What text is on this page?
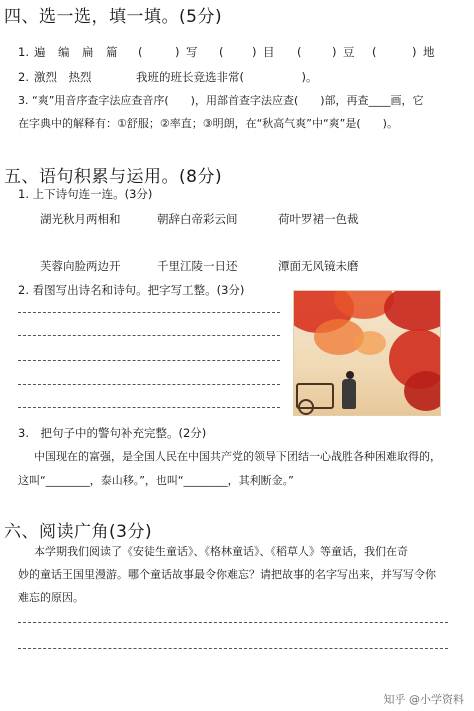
四、选一选，填一填。(5分)
1. 遍 编 扁 篇 (	) 写 ( ) 目 (	) 豆 (	) 地
2. 激烈　热烈	我班的班长竞选非常(　　　　　)。
3. “爽”用音序查字法应查音序(　　)，用部首查字法应查(　　)部，再查____画，它
在字典中的解释有：①舒服；②率直；③明朗，在“秋高气爽”中“爽”是(　　)。
五、语句积累与运用。(8分)
1. 上下诗句连一连。(3分)
湖光秋月两相和	朝辞白帝彩云间	荷叶罗裙一色裁
芙蓉向脸两边开	千里江陵一日还	潭面无风镜未磨
2. 看图写出诗名和诗句。把字写工整。(3分)
3.　把句子中的警句补充完整。(2分)
中国现在的富强，是全国人民在中国共产党的领导下团结一心战胜各种困难取得的，
这叫“________，泰山移。”，也叫“________，其利断金。”
六、阅读广角(3分)
本学期我们阅读了《安徒生童话》、《格林童话》、《稻草人》等童话，我们在奇
妙的童话王国里漫游。哪个童话故事最令你难忘？请把故事的名字写出来，并写写令你
难忘的原因。
知乎 @小学资料
